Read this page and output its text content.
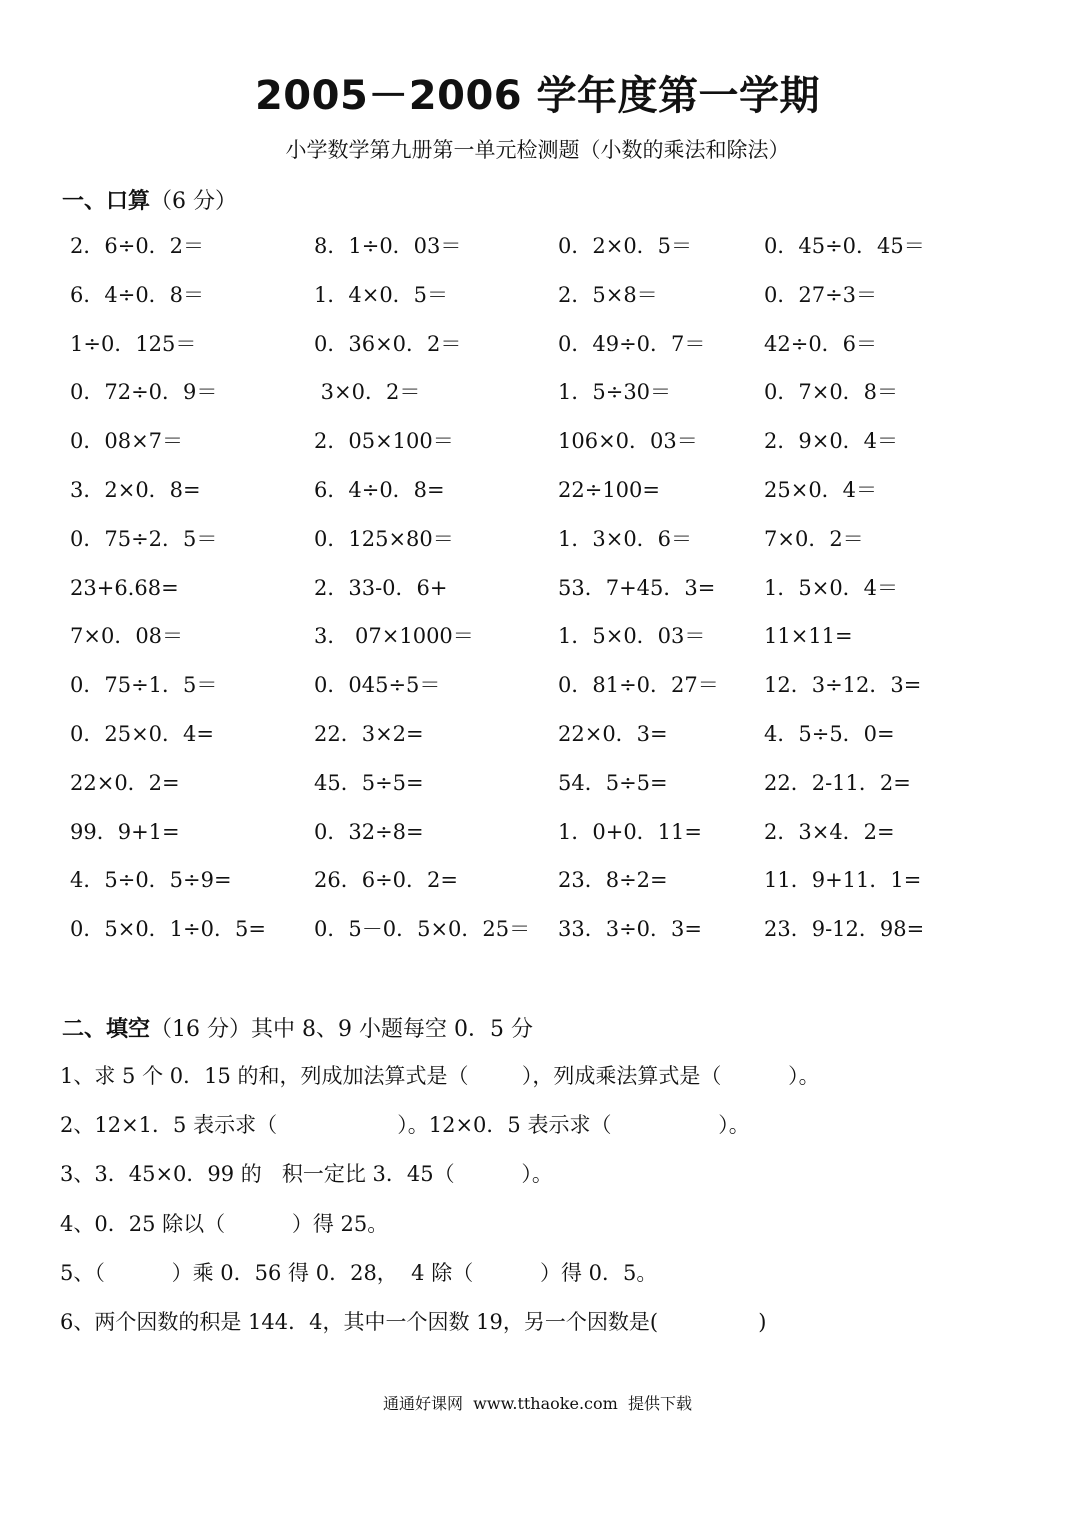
2005－2006 学年度第一学期

小学数学第九册第一单元检测题（小数的乘法和除法）

一、口算（6 分）

2．6÷0．2＝	8．1÷0．03＝	0．2×0．5＝	0．45÷0．45＝
6．4÷0．8＝	1．4×0．5＝	2．5×8＝	0．27÷3＝
1÷0．125＝	0．36×0．2＝	0．49÷0．7＝	42÷0．6＝
0．72÷0．9＝	3×0．2＝	1．5÷30＝	0．7×0．8＝
0．08×7＝	2．05×100＝	106×0．03＝	2．9×0．4＝
3．2×0．8=	6．4÷0．8=	22÷100=	25×0．4＝
0．75÷2．5＝	0．125×80＝	1．3×0．6＝	7×0．2＝
23+6.68=	2．33-0．6+	53．7+45．3= 1．5×0．4＝
7×0．08＝	3． 07×1000＝	1．5×0．03＝	11×11=
0．75÷1．5＝	0．045÷5＝	0．81÷0．27＝ 12．3÷12．3=
0．25×0．4=	22．3×2=	22×0．3=	4．5÷5．0=
22×0．2=	45．5÷5=	54．5÷5=	22．2-11．2=
99．9+1=	0．32÷8=	1．0+0．11=	2．3×4．2=
4．5÷0．5÷9=	26．6÷0．2=	23．8÷2=	11．9+11．1=
0．5×0．1÷0．5= 0．5－0．5×0．25＝ 33．3÷0．3=	23．9-12．98=

二、填空（16 分）其中 8、9 小题每空 0．5 分

1、求 5 个 0．15 的和，列成加法算式是（        ），列成乘法算式是（          ）。
2、12×1．5 表示求（                  ）。12×0．5 表示求（                ）。
3、3．45×0．99 的   积一定比 3．45（          ）。
4、0．25 除以（          ）得 25。
5、（          ）乘 0．56 得 0．28，  4 除（          ）得 0．5。
6、两个因数的积是 144．4，其中一个因数 19，另一个因数是(               )
通通好课网  www.tthaoke.com  提供下载
